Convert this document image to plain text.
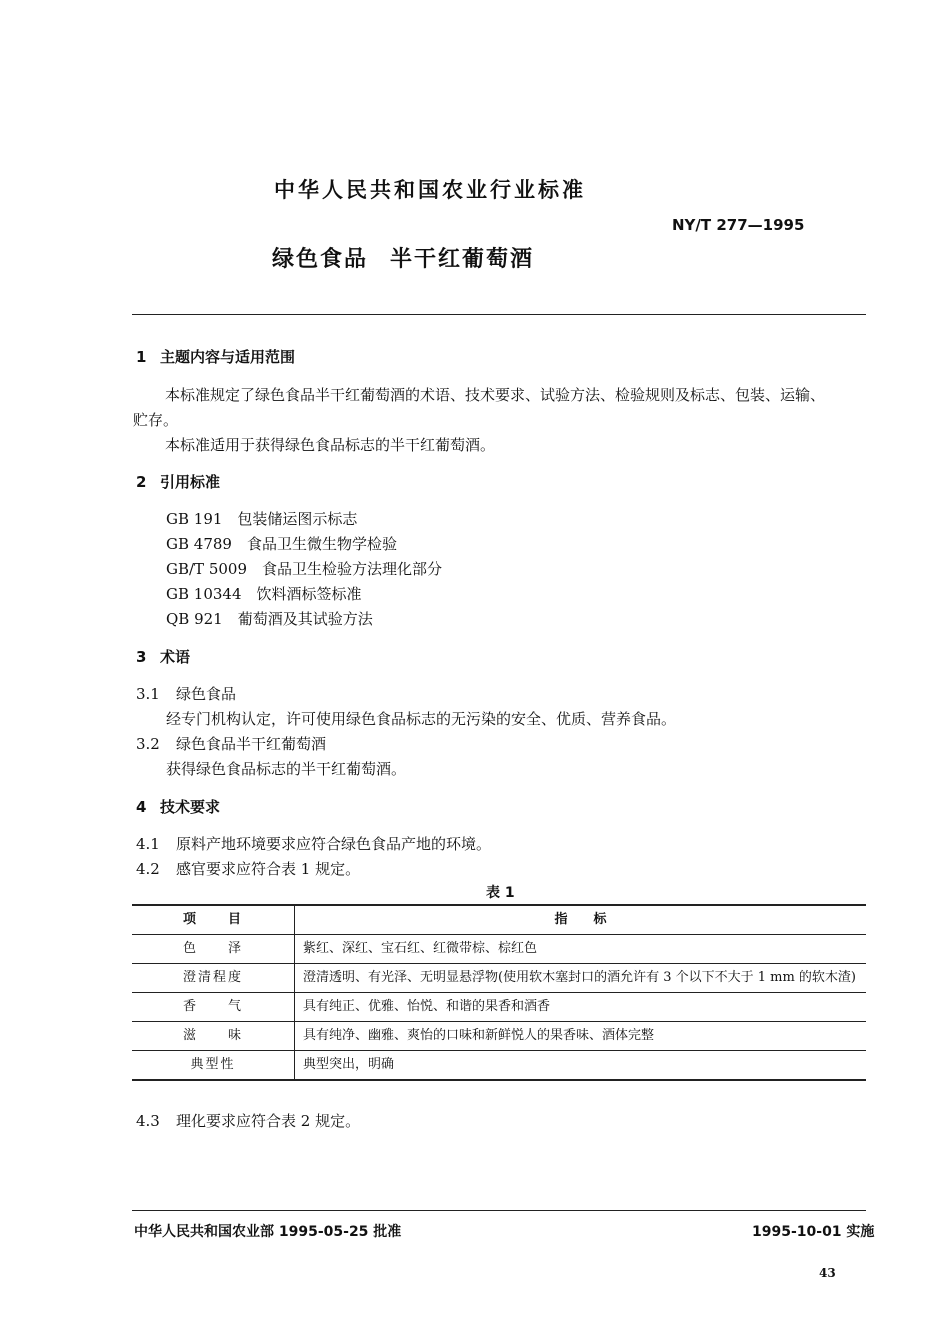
中华人民共和国农业行业标准
NY/T 277—1995
绿色食品 半干红葡萄酒
1 主题内容与适用范围
本标准规定了绿色食品半干红葡萄酒的术语、技术要求、试验方法、检验规则及标志、包装、运输、
贮存。
本标准适用于获得绿色食品标志的半干红葡萄酒。
2 引用标准
GB 191　 包装储运图示标志
GB 4789　 食品卫生微生物学检验
GB/T 5009　 食品卫生检验方法理化部分
GB 10344　 饮料酒标签标准
QB 921　 葡萄酒及其试验方法
3 术语
3.1 绿色食品
经专门机构认定，许可使用绿色食品标志的无污染的安全、优质、营养食品。
3.2 绿色食品半干红葡萄酒
获得绿色食品标志的半干红葡萄酒。
4 技术要求
4.1 原料产地环境要求应符合绿色食品产地的环境。
4.2 感官要求应符合表 1 规定。
表 1
项　　目	指　　标
色　　泽	紫红、深红、宝石红、红微带棕、棕红色
澄清程度	澄清透明、有光泽、无明显悬浮物(使用软木塞封口的酒允许有 3 个以下不大于 1 mm 的软木渣)
香　　气	具有纯正、优雅、怡悦、和谐的果香和酒香
滋　　味	具有纯净、幽雅、爽怡的口味和新鲜悦人的果香味、酒体完整
典型性	典型突出，明确
4.3 理化要求应符合表 2 规定。
中华人民共和国农业部 1995-05-25 批准	1995-10-01 实施
43
